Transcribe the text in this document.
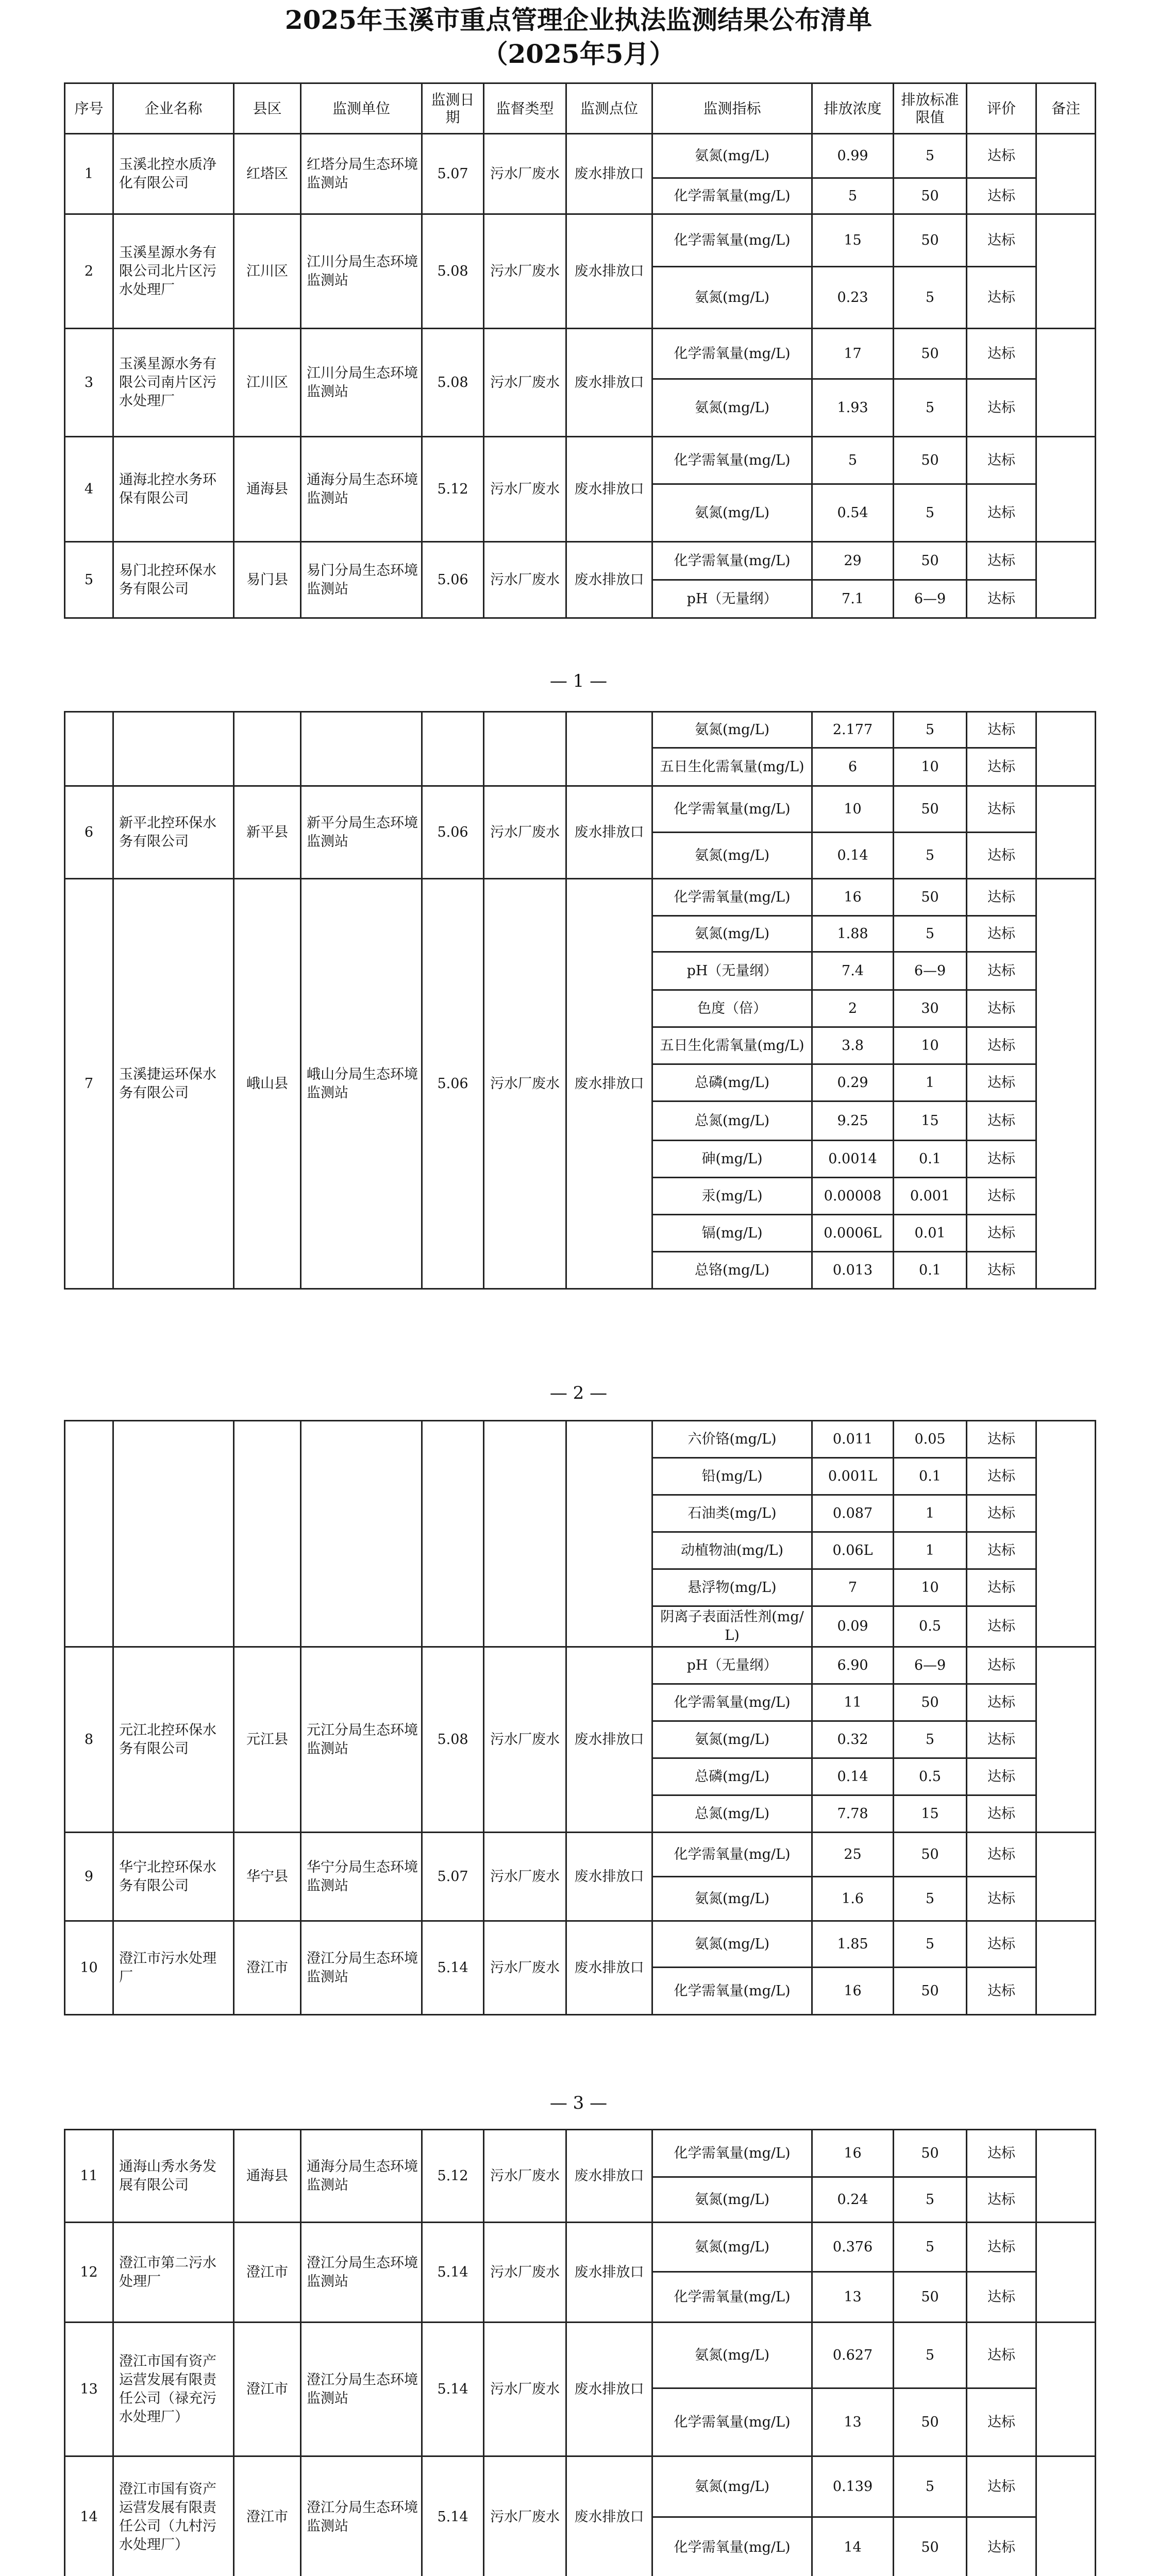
2025年玉溪市重点管理企业执法监测结果公布清单
（2025年5月）
序号	企业名称	县区	监测单位	监测日期	监督类型	监测点位	监测指标	排放浓度	排放标准限值	评价	备注
1	玉溪北控水质净化有限公司	红塔区	红塔分局生态环境监测站	5.07	污水厂废水	废水排放口	氨氮(mg/L)	0.99	5	达标	
							化学需氧量(mg/L)	5	50	达标	
2	玉溪星源水务有限公司北片区污水处理厂	江川区	江川分局生态环境监测站	5.08	污水厂废水	废水排放口	化学需氧量(mg/L)	15	50	达标	
							氨氮(mg/L)	0.23	5	达标	
3	玉溪星源水务有限公司南片区污水处理厂	江川区	江川分局生态环境监测站	5.08	污水厂废水	废水排放口	化学需氧量(mg/L)	17	50	达标	
							氨氮(mg/L)	1.93	5	达标	
4	通海北控水务环保有限公司	通海县	通海分局生态环境监测站	5.12	污水厂废水	废水排放口	化学需氧量(mg/L)	5	50	达标	
							氨氮(mg/L)	0.54	5	达标	
5	易门北控环保水务有限公司	易门县	易门分局生态环境监测站	5.06	污水厂废水	废水排放口	化学需氧量(mg/L)	29	50	达标	
							pH（无量纲）	7.1	6—9	达标	
— 1 —
							氨氮(mg/L)	2.177	5	达标	
							五日生化需氧量(mg/L)	6	10	达标	
6	新平北控环保水务有限公司	新平县	新平分局生态环境监测站	5.06	污水厂废水	废水排放口	化学需氧量(mg/L)	10	50	达标	
							氨氮(mg/L)	0.14	5	达标	
7	玉溪捷运环保水务有限公司	峨山县	峨山分局生态环境监测站	5.06	污水厂废水	废水排放口	化学需氧量(mg/L)	16	50	达标	
							氨氮(mg/L)	1.88	5	达标	
							pH（无量纲）	7.4	6—9	达标	
							色度（倍）	2	30	达标	
							五日生化需氧量(mg/L)	3.8	10	达标	
							总磷(mg/L)	0.29	1	达标	
							总氮(mg/L)	9.25	15	达标	
							砷(mg/L)	0.0014	0.1	达标	
							汞(mg/L)	0.00008	0.001	达标	
							镉(mg/L)	0.0006L	0.01	达标	
							总铬(mg/L)	0.013	0.1	达标	
— 2 —
							六价铬(mg/L)	0.011	0.05	达标	
							铅(mg/L)	0.001L	0.1	达标	
							石油类(mg/L)	0.087	1	达标	
							动植物油(mg/L)	0.06L	1	达标	
							悬浮物(mg/L)	7	10	达标	
							阴离子表面活性剂(mg/L)	0.09	0.5	达标	
8	元江北控环保水务有限公司	元江县	元江分局生态环境监测站	5.08	污水厂废水	废水排放口	pH（无量纲）	6.90	6—9	达标	
							化学需氧量(mg/L)	11	50	达标	
							氨氮(mg/L)	0.32	5	达标	
							总磷(mg/L)	0.14	0.5	达标	
							总氮(mg/L)	7.78	15	达标	
9	华宁北控环保水务有限公司	华宁县	华宁分局生态环境监测站	5.07	污水厂废水	废水排放口	化学需氧量(mg/L)	25	50	达标	
							氨氮(mg/L)	1.6	5	达标	
10	澄江市污水处理厂	澄江市	澄江分局生态环境监测站	5.14	污水厂废水	废水排放口	氨氮(mg/L)	1.85	5	达标	
							化学需氧量(mg/L)	16	50	达标	
— 3 —
11	通海山秀水务发展有限公司	通海县	通海分局生态环境监测站	5.12	污水厂废水	废水排放口	化学需氧量(mg/L)	16	50	达标	
							氨氮(mg/L)	0.24	5	达标	
12	澄江市第二污水处理厂	澄江市	澄江分局生态环境监测站	5.14	污水厂废水	废水排放口	氨氮(mg/L)	0.376	5	达标	
							化学需氧量(mg/L)	13	50	达标	
13	澄江市国有资产运营发展有限责任公司（禄充污水处理厂）	澄江市	澄江分局生态环境监测站	5.14	污水厂废水	废水排放口	氨氮(mg/L)	0.627	5	达标	
							化学需氧量(mg/L)	13	50	达标	
14	澄江市国有资产运营发展有限责任公司（九村污水处理厂）	澄江市	澄江分局生态环境监测站	5.14	污水厂废水	废水排放口	氨氮(mg/L)	0.139	5	达标	
							化学需氧量(mg/L)	14	50	达标	
